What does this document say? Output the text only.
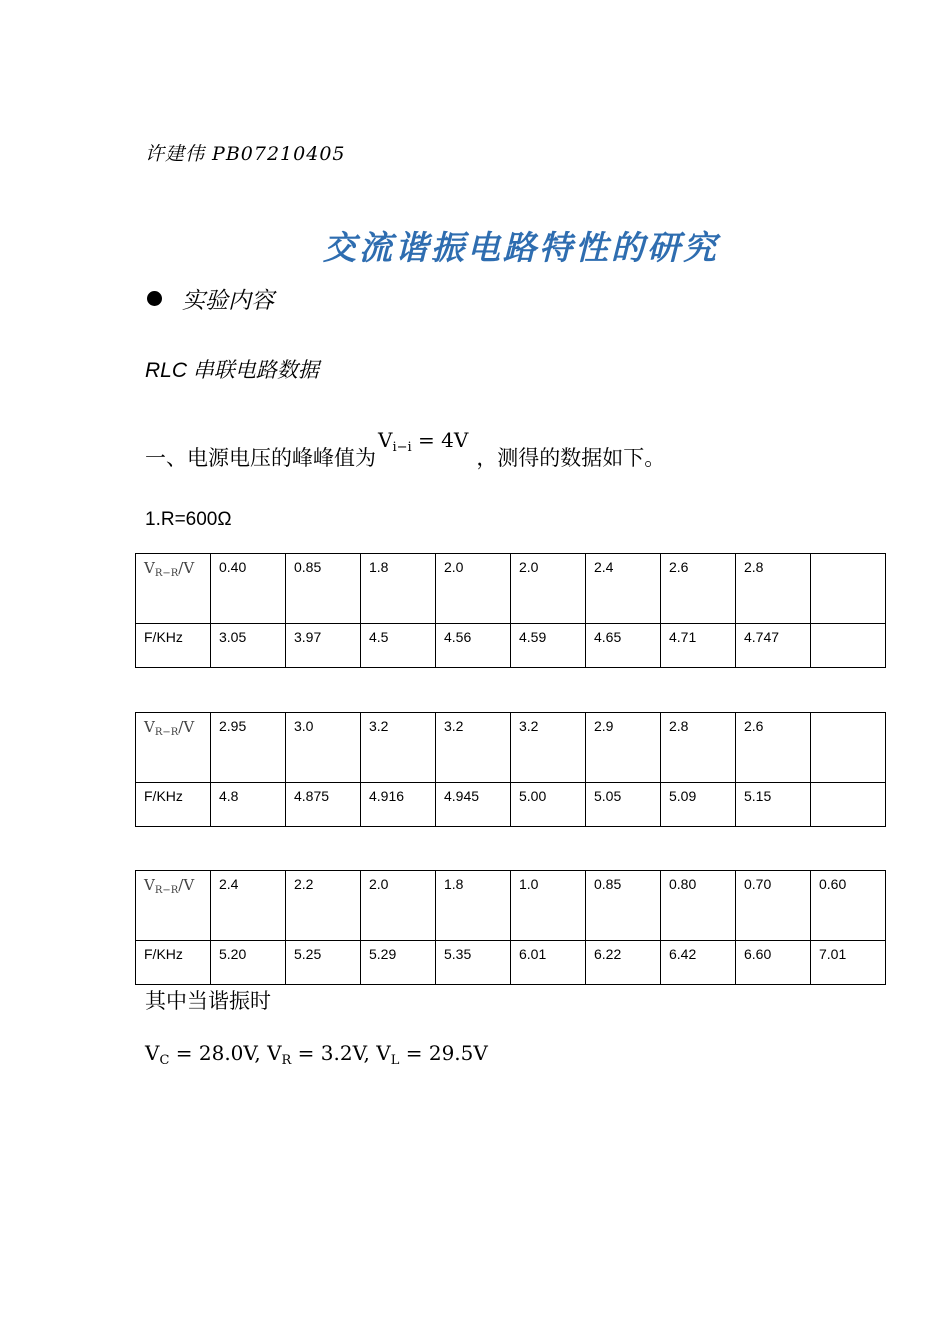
许建伟 PB07210405
交流谐振电路特性的研究
实验内容
RLC 串联电路数据
一、电源电压的峰峰值为
$V_{i-i} = 4V$
，测得的数据如下。
1.R=600Ω
$V_{R-R}/V$	0.40	0.85	1.8	2.0	2.0	2.4	2.6	2.8	
F/KHz	3.05	3.97	4.5	4.56	4.59	4.65	4.71	4.747	
$V_{R-R}/V$	2.95	3.0	3.2	3.2	3.2	2.9	2.8	2.6	
F/KHz	4.8	4.875	4.916	4.945	5.00	5.05	5.09	5.15	
$V_{R-R}/V$	2.4	2.2	2.0	1.8	1.0	0.85	0.80	0.70	0.60
F/KHz	5.20	5.25	5.29	5.35	6.01	6.22	6.42	6.60	7.01
其中当谐振时
$V_C = 28.0V$, $V_R = 3.2V$, $V_L = 29.5V$
